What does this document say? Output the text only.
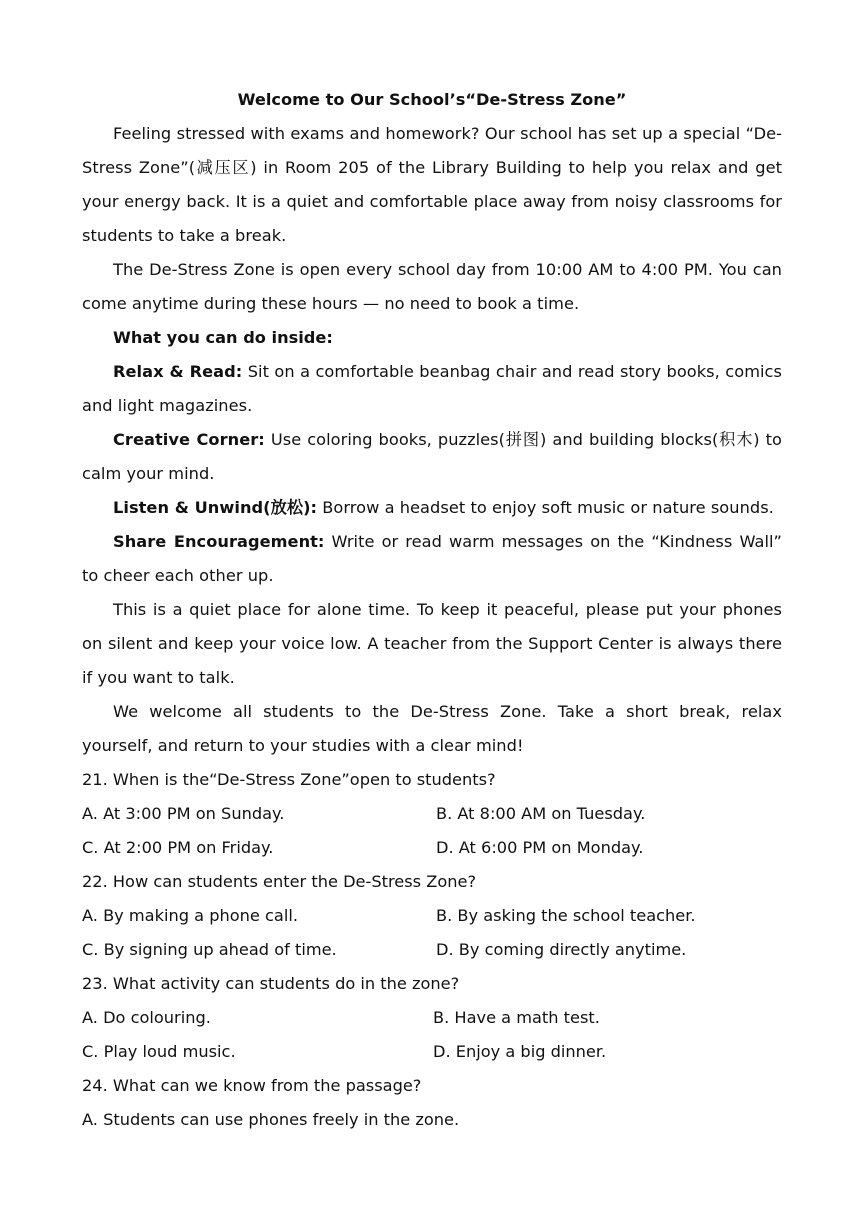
Welcome to Our School’s“De-Stress Zone”

Feeling stressed with exams and homework? Our school has set up a special “De-Stress Zone”(减压区) in Room 205 of the Library Building to help you relax and get your energy back. It is a quiet and comfortable place away from noisy classrooms for students to take a break.

The De-Stress Zone is open every school day from 10:00 AM to 4:00 PM. You can come anytime during these hours — no need to book a time.

What you can do inside:

Relax & Read: Sit on a comfortable beanbag chair and read story books, comics and light magazines.

Creative Corner: Use coloring books, puzzles(拼图) and building blocks(积木) to calm your mind.

Listen & Unwind(放松): Borrow a headset to enjoy soft music or nature sounds.

Share Encouragement: Write or read warm messages on the “Kindness Wall” to cheer each other up.

This is a quiet place for alone time. To keep it peaceful, please put your phones on silent and keep your voice low. A teacher from the Support Center is always there if you want to talk.

We welcome all students to the De-Stress Zone. Take a short break, relax yourself, and return to your studies with a clear mind!

21. When is the“De-Stress Zone”open to students?

A. At 3:00 PM on Sunday.	B. At 8:00 AM on Tuesday.
C. At 2:00 PM on Friday.	D. At 6:00 PM on Monday.

22. How can students enter the De-Stress Zone?

A. By making a phone call.	B. By asking the school teacher.
C. By signing up ahead of time.	D. By coming directly anytime.

23. What activity can students do in the zone?

A. Do colouring.	B. Have a math test.
C. Play loud music.	D. Enjoy a big dinner.

24. What can we know from the passage?

A. Students can use phones freely in the zone.
